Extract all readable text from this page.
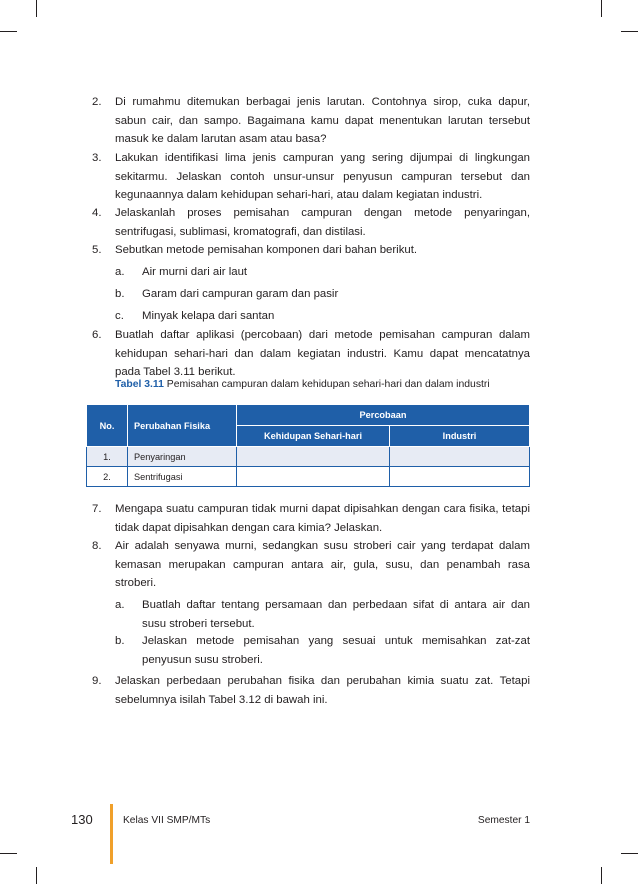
2.	Di rumahmu ditemukan berbagai jenis larutan. Contohnya sirop, cuka dapur, sabun cair, dan sampo. Bagaimana kamu dapat menentukan larutan tersebut masuk ke dalam larutan asam atau basa?
3.	Lakukan identifikasi lima jenis campuran yang sering dijumpai di lingkungan sekitarmu. Jelaskan contoh unsur-unsur penyusun campuran tersebut dan kegunaannya dalam kehidupan sehari-hari, atau dalam kegiatan industri.
4.	Jelaskanlah proses pemisahan campuran dengan metode penyaringan, sentrifugasi, sublimasi, kromatografi, dan distilasi.
5.	Sebutkan metode pemisahan komponen dari bahan berikut.
a. Air murni dari air laut
b. Garam dari campuran garam dan pasir
c. Minyak kelapa dari santan
6.	Buatlah daftar aplikasi (percobaan) dari metode pemisahan campuran dalam kehidupan sehari-hari dan dalam kegiatan industri. Kamu dapat mencatatnya pada Tabel 3.11 berikut.
Tabel 3.11 Pemisahan campuran dalam kehidupan sehari-hari dan dalam industri
No.	Perubahan Fisika	Percobaan	
		Kehidupan Sehari-hari	Industri
1.	Penyaringan		
2.	Sentrifugasi		
7.	Mengapa suatu campuran tidak murni dapat dipisahkan dengan cara fisika, tetapi tidak dapat dipisahkan dengan cara kimia? Jelaskan.
8.	Air adalah senyawa murni, sedangkan susu stroberi cair yang terdapat dalam kemasan merupakan campuran antara air, gula, susu, dan penambah rasa stroberi.
a. Buatlah daftar tentang persamaan dan perbedaan sifat di antara air dan susu stroberi tersebut.
b. Jelaskan metode pemisahan yang sesuai untuk memisahkan zat-zat penyusun susu stroberi.
9.	Jelaskan perbedaan perubahan fisika dan perubahan kimia suatu zat. Tetapi sebelumnya isilah Tabel 3.12 di bawah ini.
130	Kelas VII SMP/MTs	Semester 1
